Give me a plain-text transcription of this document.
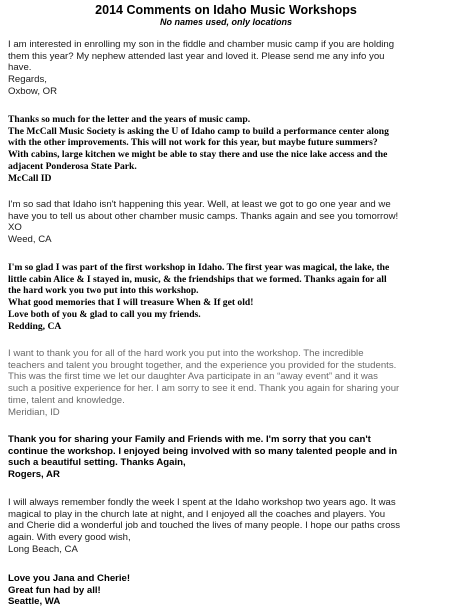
2014 Comments on Idaho Music Workshops
No names used, only locations

I am interested in enrolling my son in the fiddle and chamber music camp if you are holding

them this year? My nephew attended last year and loved it. Please send me any info you

have.

Regards,

Oxbow, OR

Thanks so much for the letter and the years of music camp.

The McCall Music Society is asking the U of Idaho camp to build a performance center along

with the other improvements. This will not work for this year, but maybe future summers?

With cabins, large kitchen we might be able to stay there and use the nice lake access and the

adjacent Ponderosa State Park.

McCall ID

I'm so sad that Idaho isn't happening this year. Well, at least we got to go one year and we

have you to tell us about other chamber music camps. Thanks again and see you tomorrow!

XO

Weed, CA

I'm so glad I was part of the first workshop in Idaho. The first year was magical, the lake, the

little cabin Alice & I stayed in, music, & the friendships that we formed. Thanks again for all

the hard work you two put into this workshop.

What good memories that I will treasure When & If get old!

Love both of you & glad to call you my friends.

Redding, CA

I want to thank you for all of the hard work you put into the workshop. The incredible

teachers and talent you brought together, and the experience you provided for the students.

This was the first time we let our daughter Ava participate in an “away event” and it was

such a positive experience for her. I am sorry to see it end. Thank you again for sharing your

time, talent and knowledge.

Meridian, ID

Thank you for sharing your Family and Friends with me. I'm sorry that you can't

continue the workshop. I enjoyed being involved with so many talented people and in

such a beautiful setting. Thanks Again,

Rogers, AR

I will always remember fondly the week I spent at the Idaho workshop two years ago. It was

magical to play in the church late at night, and I enjoyed all the coaches and players. You

and Cherie did a wonderful job and touched the lives of many people. I hope our paths cross

again. With every good wish,

Long Beach, CA

Love you Jana and Cherie!

Great fun had by all!

Seattle, WA
